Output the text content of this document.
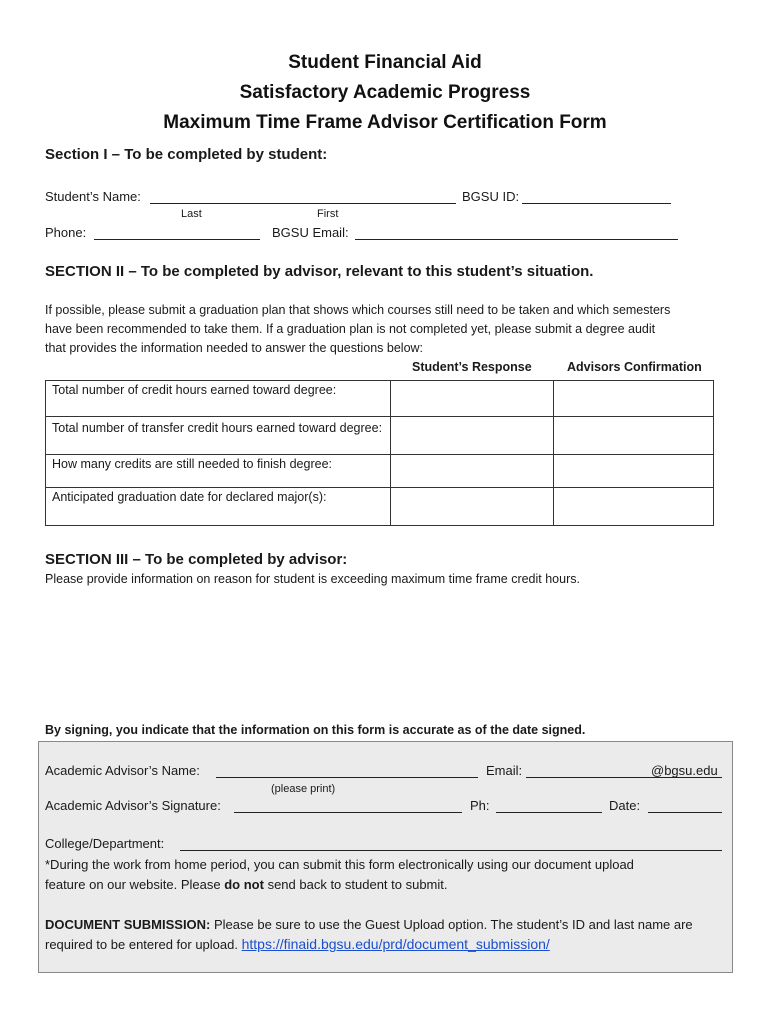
Student Financial Aid
Satisfactory Academic Progress
Maximum Time Frame Advisor Certification Form
Section I – To be completed by student:
Student’s Name:	BGSU ID:
Last	First
Phone:	BGSU Email:
SECTION II – To be completed by advisor, relevant to this student’s situation.
If possible, please submit a graduation plan that shows which courses still need to be taken and which semesters
have been recommended to take them. If a graduation plan is not completed yet, please submit a degree audit
that provides the information needed to answer the questions below:
Student’s Response	Advisors Confirmation
Total number of credit hours earned toward degree:		
Total number of transfer credit hours earned toward degree:		
How many credits are still needed to finish degree:		
Anticipated graduation date for declared major(s):		
SECTION III – To be completed by advisor:
Please provide information on reason for student is exceeding maximum time frame credit hours.
By signing, you indicate that the information on this form is accurate as of the date signed.
Academic Advisor’s Name:	Email:	@bgsu.edu
(please print)
Academic Advisor’s Signature:	Ph:	Date:
College/Department:
*During the work from home period, you can submit this form electronically using our document upload
feature on our website. Please do not send back to student to submit.
DOCUMENT SUBMISSION: Please be sure to use the Guest Upload option. The student’s ID and last name are
required to be entered for upload. https://finaid.bgsu.edu/prd/document_submission/
